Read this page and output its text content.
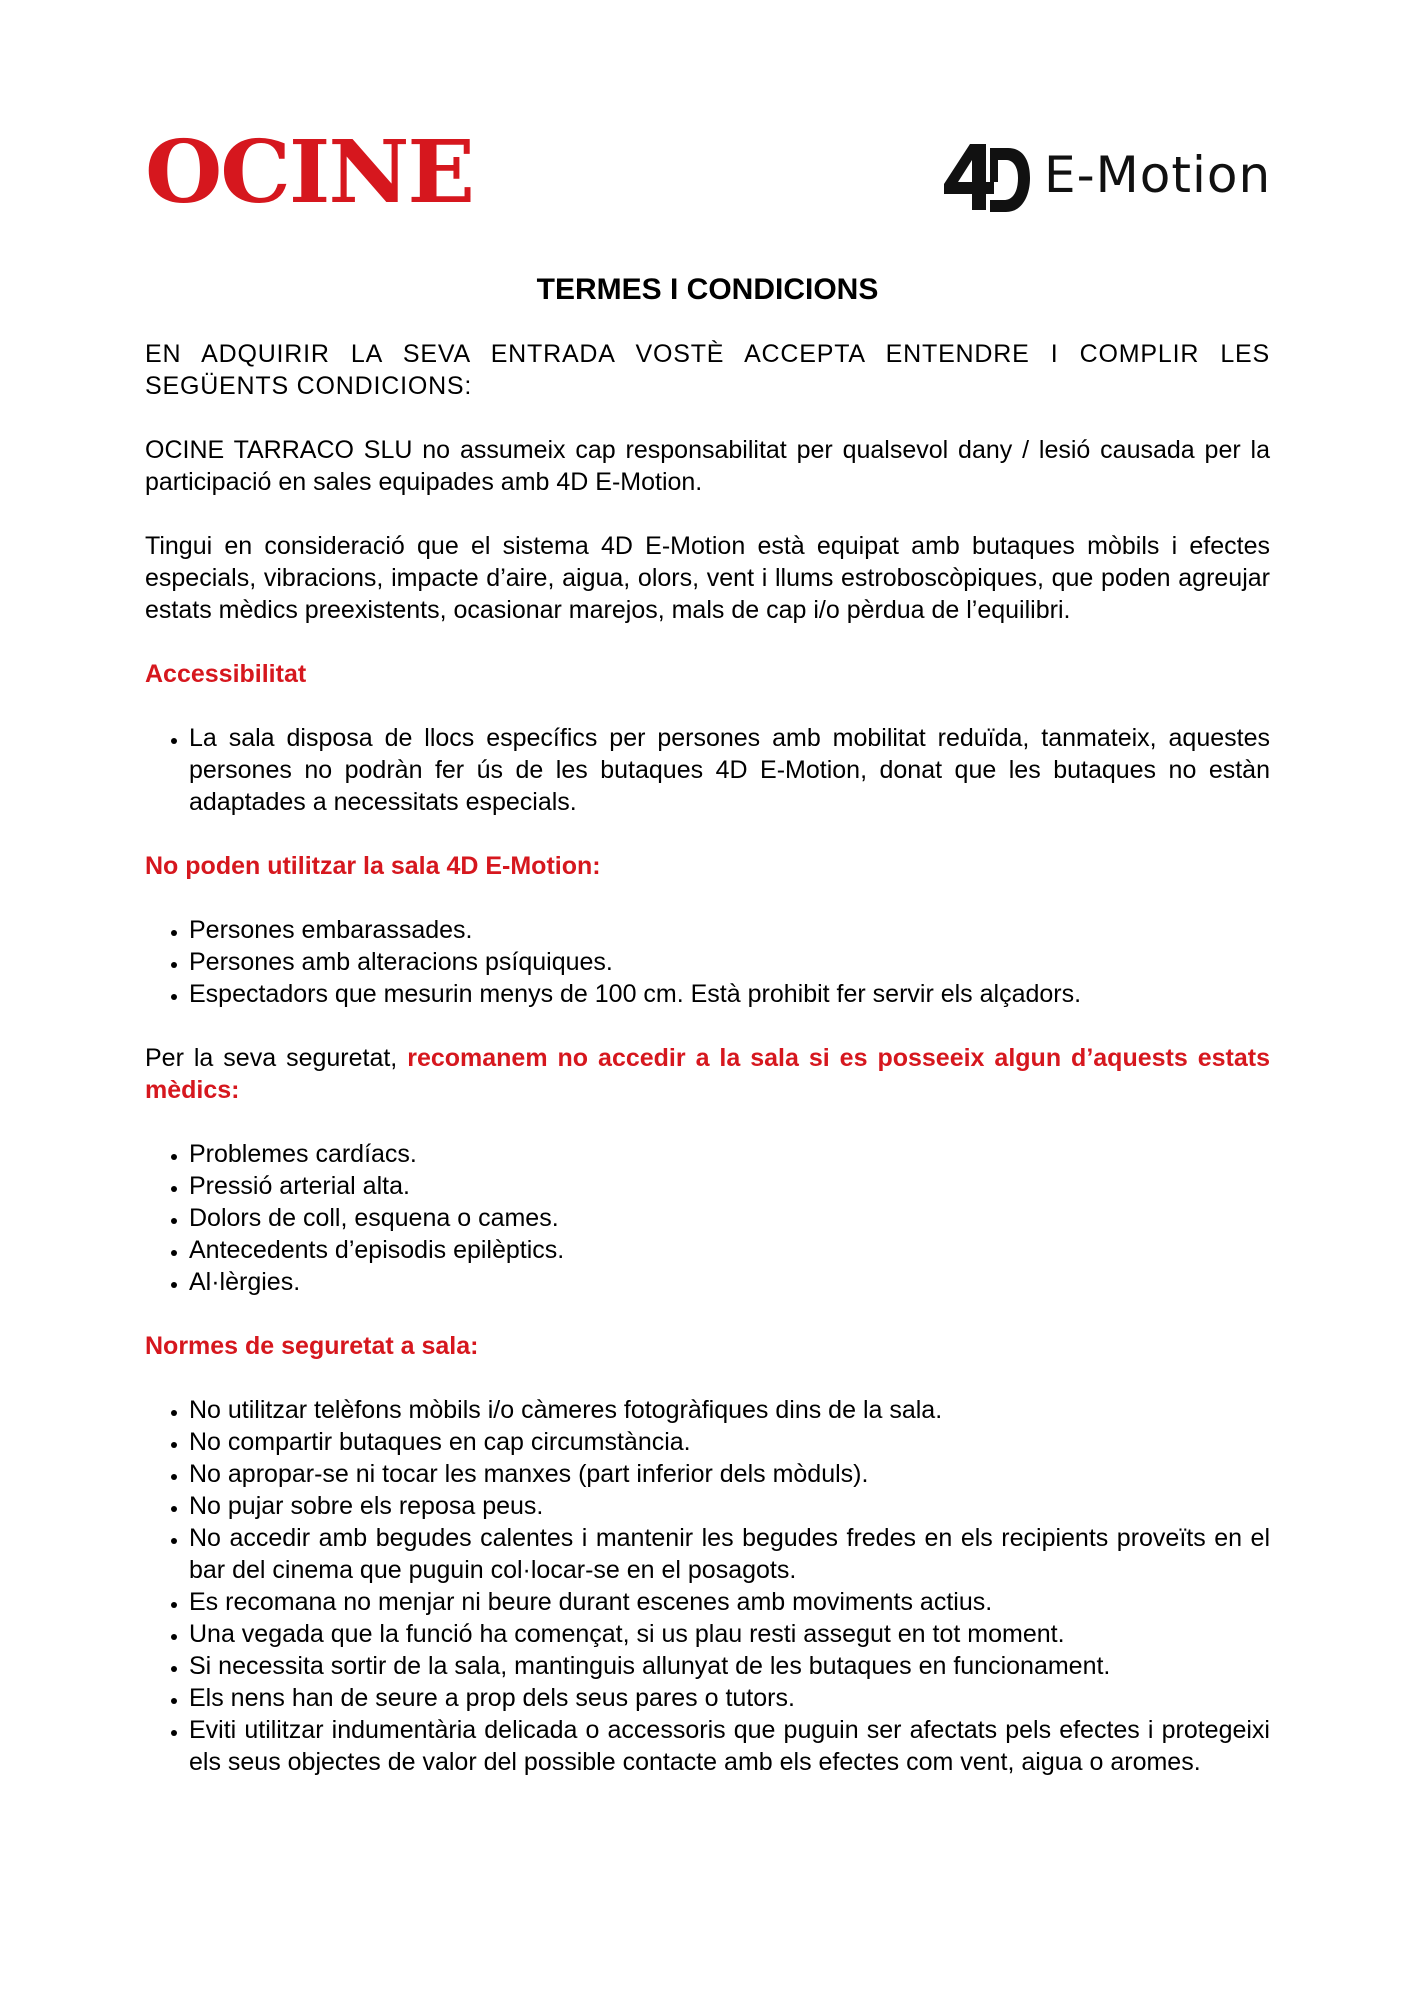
OCINE	E-Motion
TERMES I CONDICIONS

EN ADQUIRIR LA SEVA ENTRADA VOSTÈ ACCEPTA ENTENDRE I COMPLIR LES SEGÜENTS CONDICIONS:

OCINE TARRACO SLU no assumeix cap responsabilitat per qualsevol dany / lesió causada per la participació en sales equipades amb 4D E-Motion.

Tingui en consideració que el sistema 4D E-Motion està equipat amb butaques mòbils i efectes especials, vibracions, impacte d’aire, aigua, olors, vent i llums estroboscòpiques, que poden agreujar estats mèdics preexistents, ocasionar marejos, mals de cap i/o pèrdua de l’equilibri.

Accessibilitat
• La sala disposa de llocs específics per persones amb mobilitat reduïda, tanmateix, aquestes persones no podràn fer ús de les butaques 4D E-Motion, donat que les butaques no estàn adaptades a necessitats especials.
No poden utilitzar la sala 4D E-Motion:
• Persones embarassades.
• Persones amb alteracions psíquiques.
• Espectadors que mesurin menys de 100 cm. Està prohibit fer servir els alçadors.

Per la seva seguretat, recomanem no accedir a la sala si es posseeix algun d’aquests estats mèdics:

• Problemes cardíacs.
• Pressió arterial alta.
• Dolors de coll, esquena o cames.
• Antecedents d’episodis epilèptics.
• Al·lèrgies.
Normes de seguretat a sala:
• No utilitzar telèfons mòbils i/o càmeres fotogràfiques dins de la sala.
• No compartir butaques en cap circumstància.
• No apropar-se ni tocar les manxes (part inferior dels mòduls).
• No pujar sobre els reposa peus.
• No accedir amb begudes calentes i mantenir les begudes fredes en els recipients proveïts en el bar del cinema que puguin col·locar-se en el posagots.
• Es recomana no menjar ni beure durant escenes amb moviments actius.
• Una vegada que la funció ha començat, si us plau resti assegut en tot moment.
• Si necessita sortir de la sala, mantinguis allunyat de les butaques en funcionament.
• Els nens han de seure a prop dels seus pares o tutors.
• Eviti utilitzar indumentària delicada o accessoris que puguin ser afectats pels efectes i protegeixi els seus objectes de valor del possible contacte amb els efectes com vent, aigua o aromes.
